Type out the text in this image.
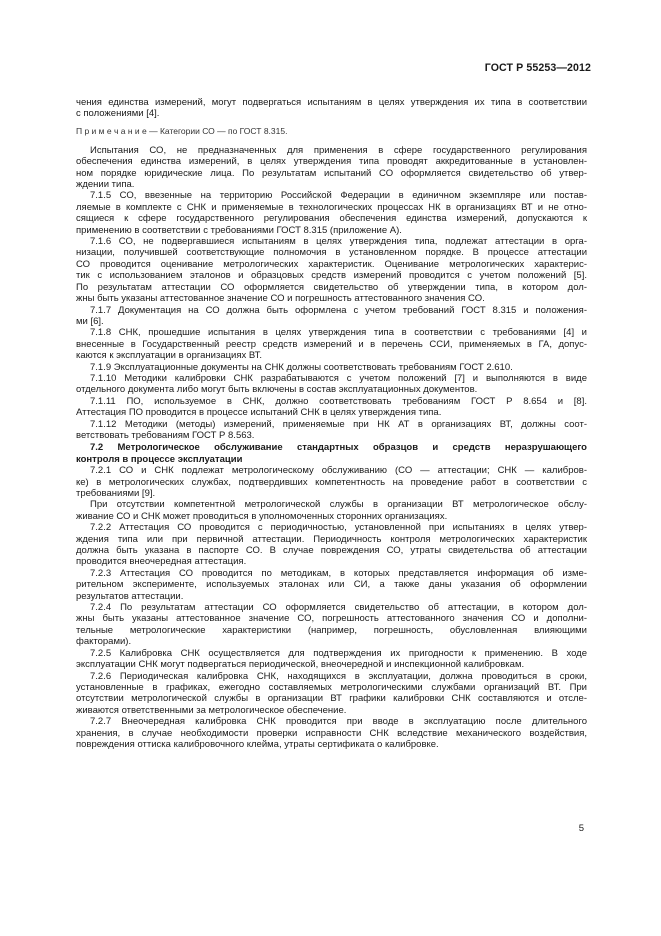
ГОСТ Р 55253—2012
чения единства измерений, могут подвергаться испытаниям в целях утверждения их типа в соответствии
с положениями [4].
П р и м е ч а н и е — Категории СО — по ГОСТ 8.315.
Испытания СО, не предназначенных для применения в сфере государственного регулирования
обеспечения единства измерений, в целях утверждения типа проводят аккредитованные в установлен-
ном порядке юридические лица. По результатам испытаний СО оформляется свидетельство об утвер-
ждении типа.
7.1.5 СО, ввезенные на территорию Российской Федерации в единичном экземпляре или постав-
ляемые в комплекте с СНК и применяемые в технологических процессах НК в организациях ВТ и не отно-
сящиеся к сфере государственного регулирования обеспечения единства измерений, допускаются к
применению в соответствии с требованиями ГОСТ 8.315 (приложение А).
7.1.6 СО, не подвергавшиеся испытаниям в целях утверждения типа, подлежат аттестации в орга-
низации, получившей соответствующие полномочия в установленном порядке. В процессе аттестации
СО проводится оценивание метрологических характеристик. Оценивание метрологических характерис-
тик с использованием эталонов и образцовых средств измерений проводится с учетом положений [5].
По результатам аттестации СО оформляется свидетельство об утверждении типа, в котором дол-
жны быть указаны аттестованное значение СО и погрешность аттестованного значения СО.
7.1.7 Документация на СО должна быть оформлена с учетом требований ГОСТ 8.315 и положения-
ми [6].
7.1.8 СНК, прошедшие испытания в целях утверждения типа в соответствии с требованиями [4] и
внесенные в Государственный реестр средств измерений и в перечень ССИ, применяемых в ГА, допус-
каются к эксплуатации в организациях ВТ.
7.1.9 Эксплуатационные документы на СНК должны соответствовать требованиям ГОСТ 2.610.
7.1.10 Методики калибровки СНК разрабатываются с учетом положений [7] и выполняются в виде
отдельного документа либо могут быть включены в состав эксплуатационных документов.
7.1.11 ПО, используемое в СНК, должно соответствовать требованиям ГОСТ Р 8.654 и [8].
Аттестация ПО проводится в процессе испытаний СНК в целях утверждения типа.
7.1.12 Методики (методы) измерений, применяемые при НК АТ в организациях ВТ, должны соот-
ветствовать требованиям ГОСТ Р 8.563.
7.2 Метрологическое обслуживание стандартных образцов и средств неразрушающего
контроля в процессе эксплуатации
7.2.1 СО и СНК подлежат метрологическому обслуживанию (СО — аттестации; СНК — калибров-
ке) в метрологических службах, подтвердивших компетентность на проведение работ в соответствии с
требованиями [9].
При отсутствии компетентной метрологической службы в организации ВТ метрологическое обслу-
живание СО и СНК может проводиться в уполномоченных сторонних организациях.
7.2.2 Аттестация СО проводится с периодичностью, установленной при испытаниях в целях утвер-
ждения типа или при первичной аттестации. Периодичность контроля метрологических характеристик
должна быть указана в паспорте СО. В случае повреждения СО, утраты свидетельства об аттестации
проводится внеочередная аттестация.
7.2.3 Аттестация СО проводится по методикам, в которых представляется информация об изме-
рительном эксперименте, используемых эталонах или СИ, а также даны указания об оформлении
результатов аттестации.
7.2.4 По результатам аттестации СО оформляется свидетельство об аттестации, в котором дол-
жны быть указаны аттестованное значение СО, погрешность аттестованного значения СО и дополни-
тельные метрологические характеристики (например, погрешность, обусловленная влияющими
факторами).
7.2.5 Калибровка СНК осуществляется для подтверждения их пригодности к применению. В ходе
эксплуатации СНК могут подвергаться периодической, внеочередной и инспекционной калибровкам.
7.2.6 Периодическая калибровка СНК, находящихся в эксплуатации, должна проводиться в сроки,
установленные в графиках, ежегодно составляемых метрологическими службами организаций ВТ. При
отсутствии метрологической службы в организации ВТ графики калибровки СНК составляются и отсле-
живаются ответственными за метрологическое обеспечение.
7.2.7 Внеочередная калибровка СНК проводится при вводе в эксплуатацию после длительного
хранения, в случае необходимости проверки исправности СНК вследствие механического воздействия,
повреждения оттиска калибровочного клейма, утраты сертификата о калибровке.
5
